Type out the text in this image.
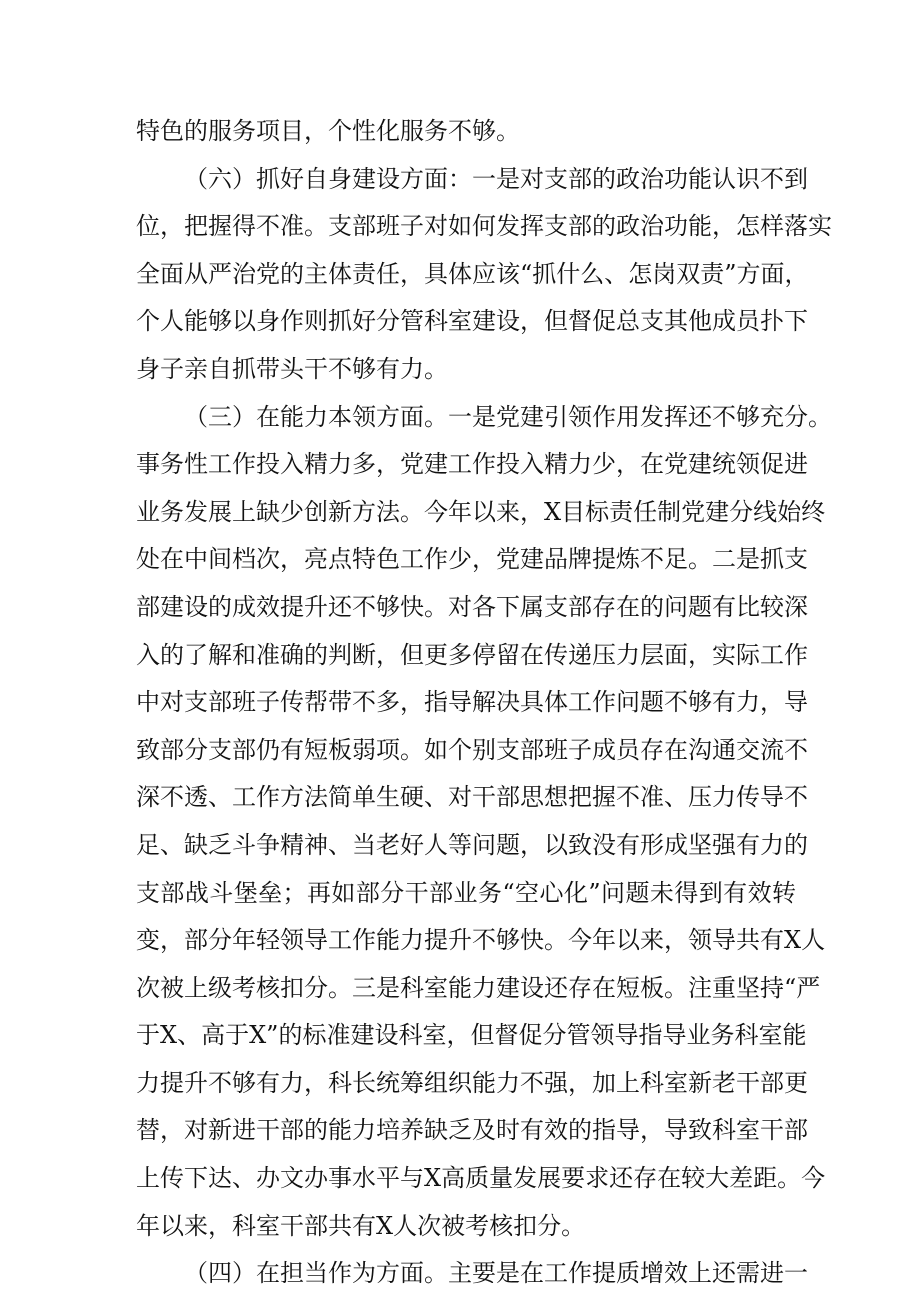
特色的服务项目，个性化服务不够。

（六）抓好自身建设方面：一是对支部的政治功能认识不到
位，把握得不准。支部班子对如何发挥支部的政治功能，怎样落实
全面从严治党的主体责任，具体应该“抓什么、怎岗双责”方面，
个人能够以身作则抓好分管科室建设，但督促总支其他成员扑下
身子亲自抓带头干不够有力。

（三）在能力本领方面。一是党建引领作用发挥还不够充分。
事务性工作投入精力多，党建工作投入精力少，在党建统领促进
业务发展上缺少创新方法。今年以来，X目标责任制党建分线始终
处在中间档次，亮点特色工作少，党建品牌提炼不足。二是抓支
部建设的成效提升还不够快。对各下属支部存在的问题有比较深
入的了解和准确的判断，但更多停留在传递压力层面，实际工作
中对支部班子传帮带不多，指导解决具体工作问题不够有力，导
致部分支部仍有短板弱项。如个别支部班子成员存在沟通交流不
深不透、工作方法简单生硬、对干部思想把握不准、压力传导不
足、缺乏斗争精神、当老好人等问题，以致没有形成坚强有力的
支部战斗堡垒；再如部分干部业务“空心化”问题未得到有效转
变，部分年轻领导工作能力提升不够快。今年以来，领导共有X人
次被上级考核扣分。三是科室能力建设还存在短板。注重坚持“严
于X、高于X”的标准建设科室，但督促分管领导指导业务科室能
力提升不够有力，科长统筹组织能力不强，加上科室新老干部更
替，对新进干部的能力培养缺乏及时有效的指导，导致科室干部
上传下达、办文办事水平与X高质量发展要求还存在较大差距。今
年以来，科室干部共有X人次被考核扣分。

（四）在担当作为方面。主要是在工作提质增效上还需进一
